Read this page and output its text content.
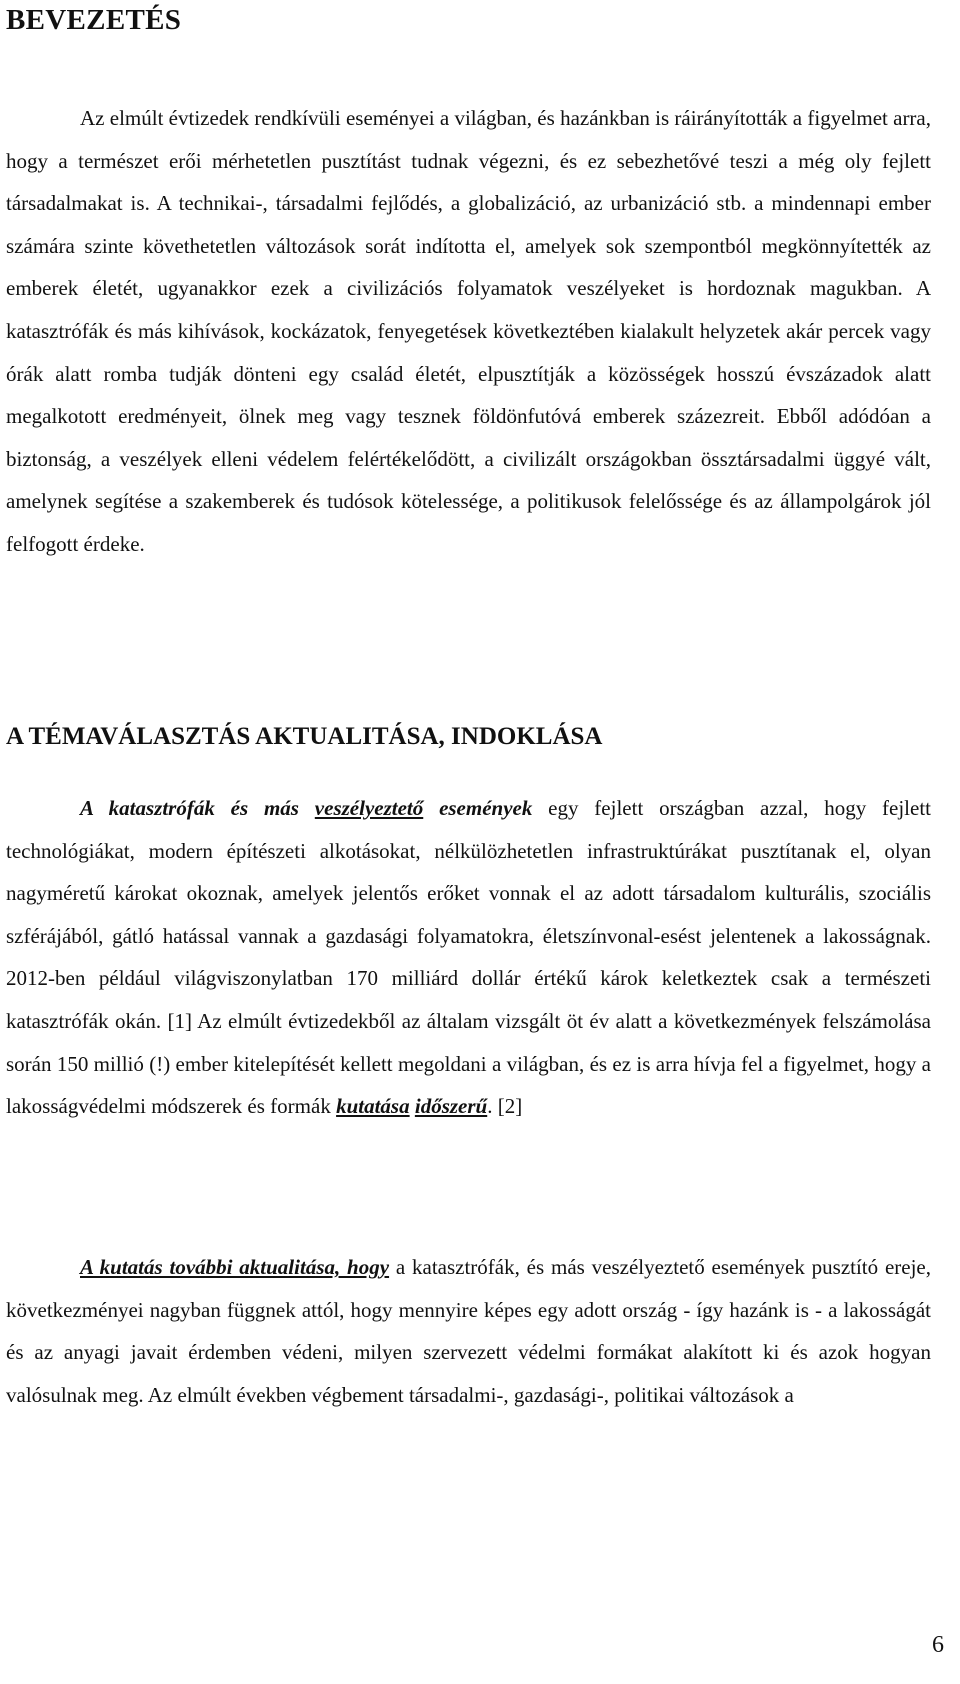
BEVEZETÉS

Az elmúlt évtizedek rendkívüli eseményei a világban, és hazánkban is ráirányították a figyelmet arra, hogy a természet erői mérhetetlen pusztítást tudnak végezni, és ez sebezhetővé teszi a még oly fejlett társadalmakat is. A technikai-, társadalmi fejlődés, a globalizáció, az urbanizáció stb. a mindennapi ember számára szinte követhetetlen változások sorát indította el, amelyek sok szempontból megkönnyítették az emberek életét, ugyanakkor ezek a civilizációs folyamatok veszélyeket is hordoznak magukban. A katasztrófák és más kihívások, kockázatok, fenyegetések következtében kialakult helyzetek akár percek vagy órák alatt romba tudják dönteni egy család életét, elpusztítják a közösségek hosszú évszázadok alatt megalkotott eredményeit, ölnek meg vagy tesznek földönfutóvá emberek százezreit. Ebből adódóan a biztonság, a veszélyek elleni védelem felértékelődött, a civilizált országokban össztársadalmi üggyé vált, amelynek segítése a szakemberek és tudósok kötelessége, a politikusok felelőssége és az állampolgárok jól felfogott érdeke.

A TÉMAVÁLASZTÁS AKTUALITÁSA, INDOKLÁSA

A katasztrófák és más veszélyeztető események egy fejlett országban azzal, hogy fejlett technológiákat, modern építészeti alkotásokat, nélkülözhetetlen infrastruktúrákat pusztítanak el, olyan nagyméretű károkat okoznak, amelyek jelentős erőket vonnak el az adott társadalom kulturális, szociális szférájából, gátló hatással vannak a gazdasági folyamatokra, életszínvonal-esést jelentenek a lakosságnak. 2012-ben például világviszonylatban 170 milliárd dollár értékű károk keletkeztek csak a természeti katasztrófák okán. [1] Az elmúlt évtizedekből az általam vizsgált öt év alatt a következmények felszámolása során 150 millió (!) ember kitelepítését kellett megoldani a világban, és ez is arra hívja fel a figyelmet, hogy a lakosságvédelmi módszerek és formák kutatása időszerű. [2]

A kutatás további aktualitása, hogy a katasztrófák, és más veszélyeztető események pusztító ereje, következményei nagyban függnek attól, hogy mennyire képes egy adott ország - így hazánk is - a lakosságát és az anyagi javait érdemben védeni, milyen szervezett védelmi formákat alakított ki és azok hogyan valósulnak meg. Az elmúlt években végbement társadalmi-, gazdasági-, politikai változások a

6
